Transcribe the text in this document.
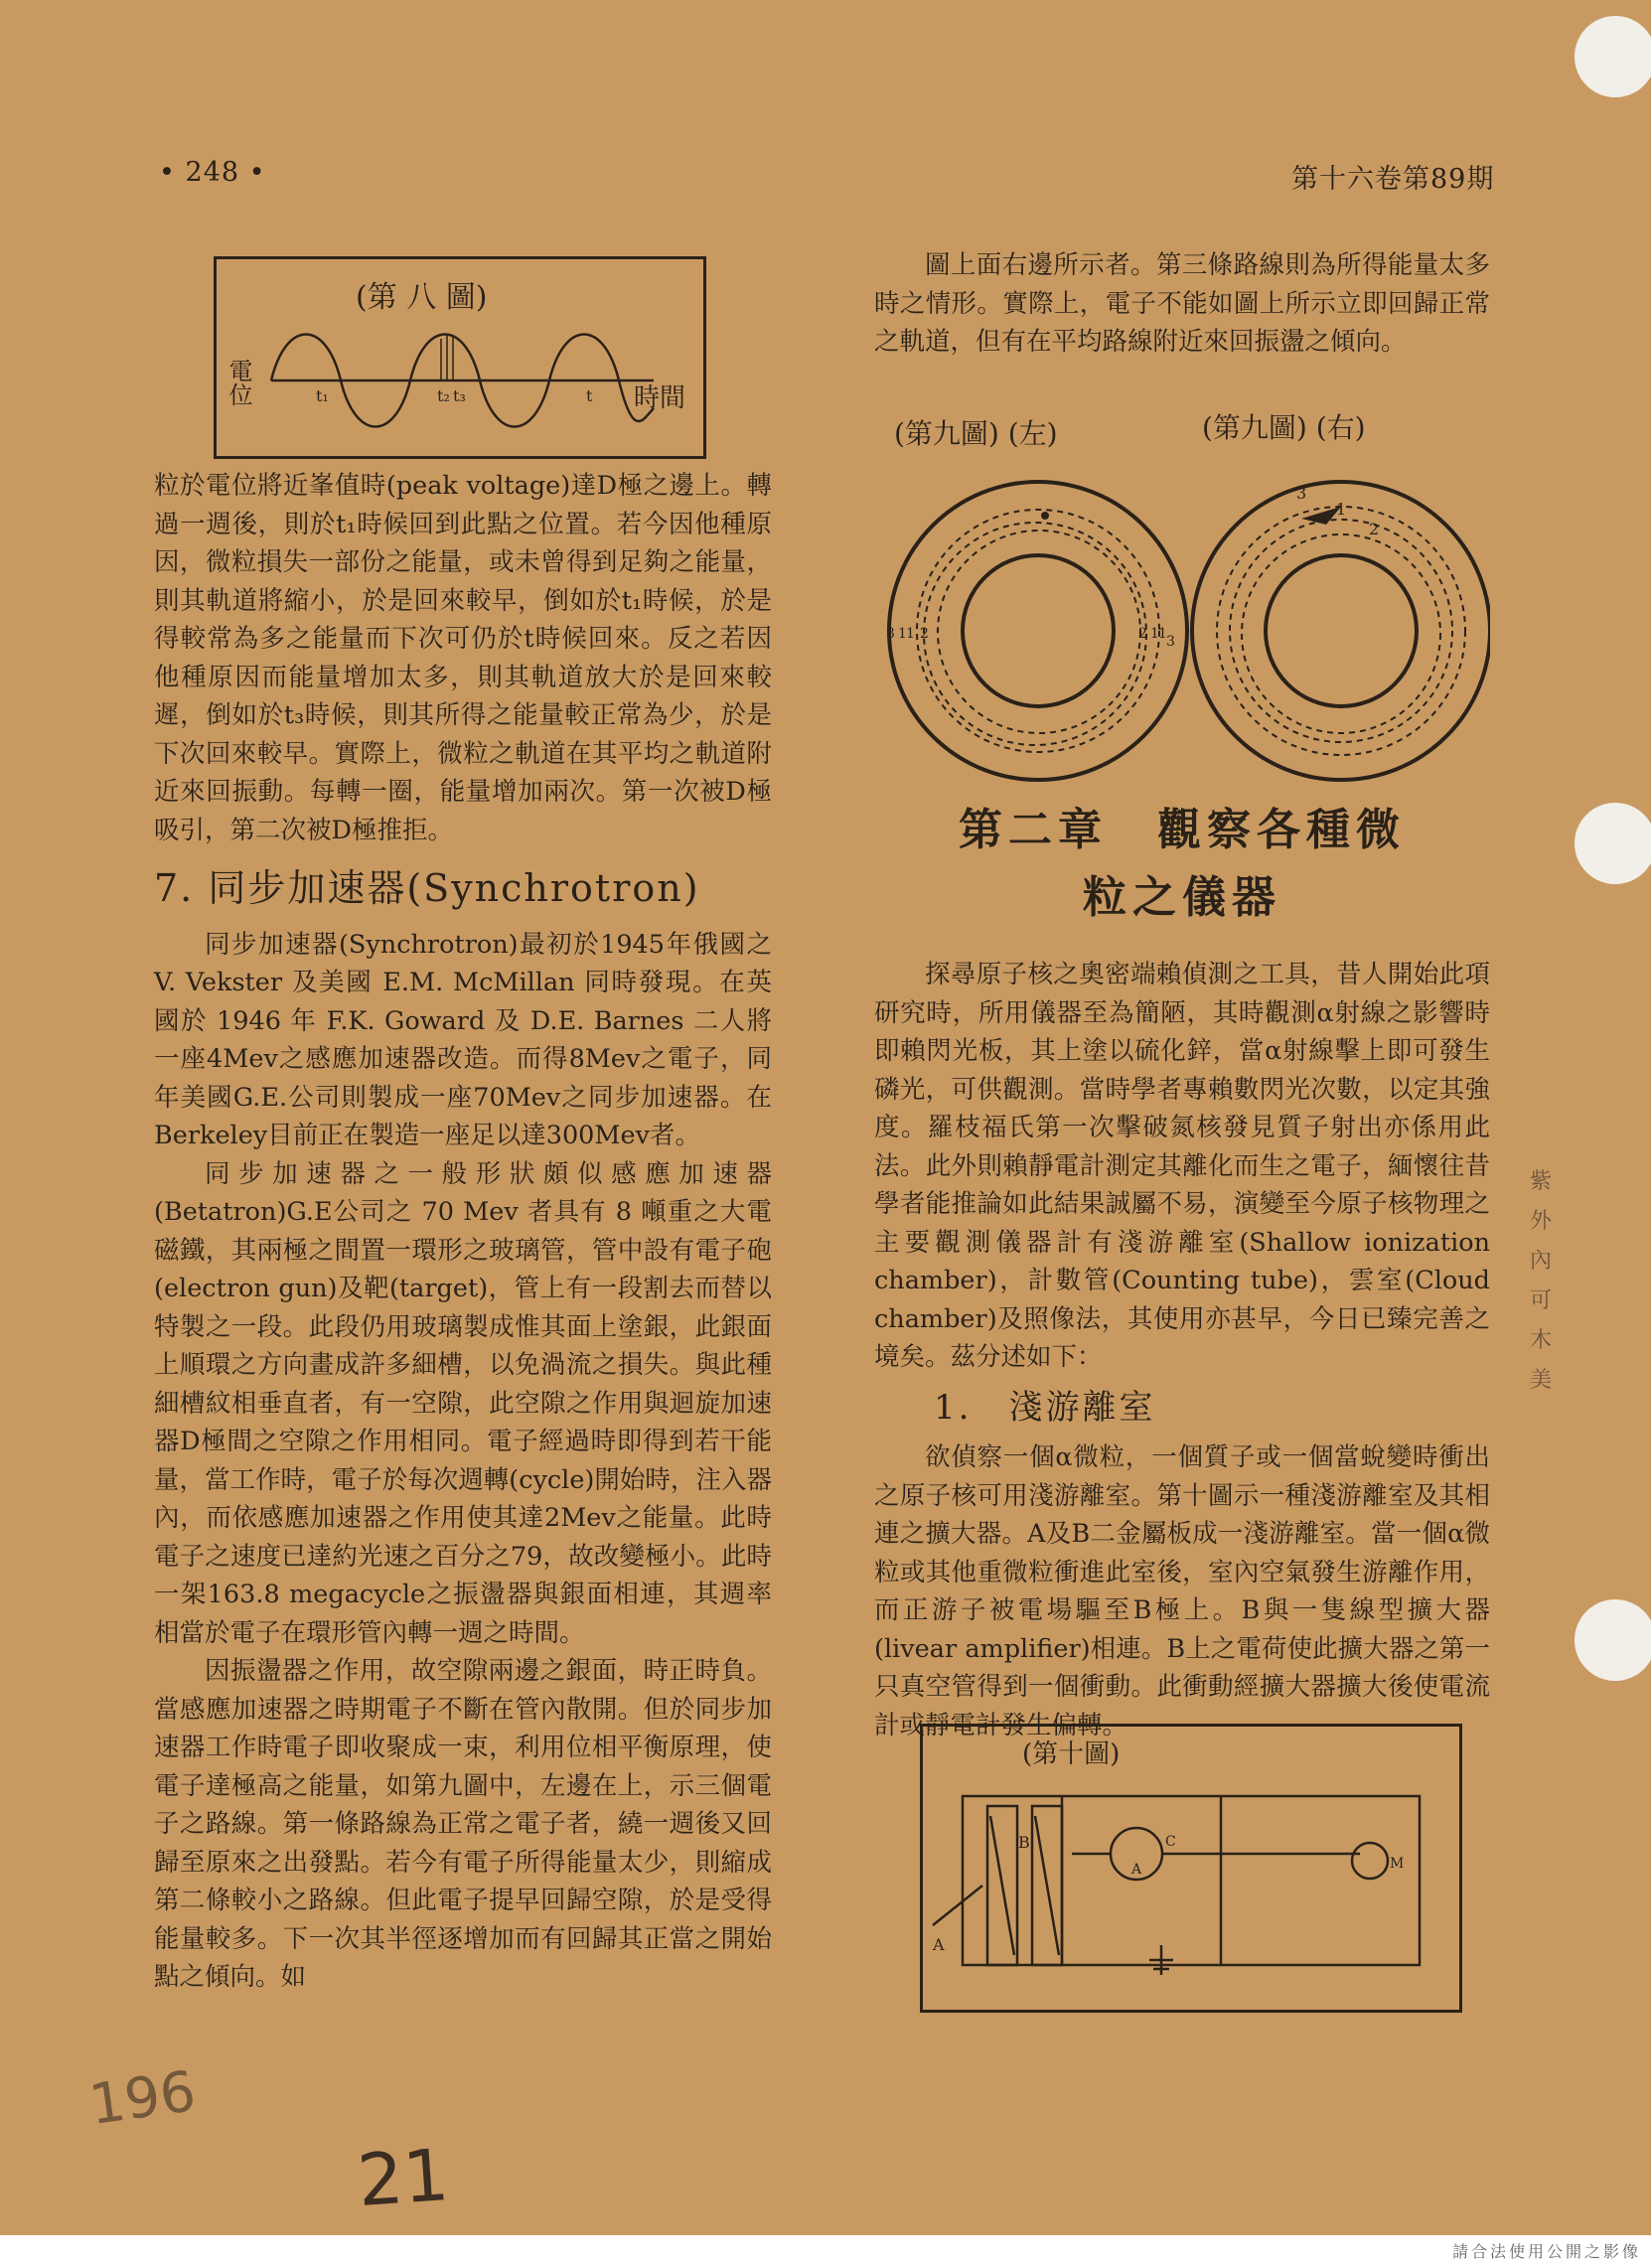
• 248 •	第十六卷第89期
(第 八 圖)
電位	t₁	t₂ t₃	t 時間

粒於電位將近峯值時(peak voltage)達D極之邊上。轉過一週後，則於t₁時候回到此點之位置。若今因他種原因，微粒損失一部份之能量，或未曾得到足夠之能量，則其軌道將縮小，於是回來較早，倒如於t₁時候，於是得較常為多之能量而下次可仍於t時候回來。反之若因他種原因而能量增加太多，則其軌道放大於是回來較遲，倒如於t₃時候，則其所得之能量較正常為少，於是下次回來較早。實際上，微粒之軌道在其平均之軌道附近來回振動。每轉一圈，能量增加兩次。第一次被D極吸引，第二次被D極推拒。

7. 同步加速器(Synchrotron)

同步加速器(Synchrotron)最初於1945年俄國之V. Vekster 及美國 E.M. McMillan 同時發現。在英國於 1946 年 F.K. Goward 及 D.E. Barnes 二人將一座4Mev之感應加速器改造。而得8Mev之電子，同年美國G.E.公司則製成一座70Mev之同步加速器。在Berkeley目前正在製造一座足以達300Mev者。

同步加速器之一般形狀頗似感應加速器(Betatron)G.E公司之 70 Mev 者具有 8 噸重之大電磁鐵，其兩極之間置一環形之玻璃管，管中設有電子砲(electron gun)及靶(target)，管上有一段割去而替以特製之一段。此段仍用玻璃製成惟其面上塗銀，此銀面上順環之方向畫成許多細槽，以免渦流之損失。與此種細槽紋相垂直者，有一空隙，此空隙之作用與迴旋加速器D極間之空隙之作用相同。電子經過時即得到若干能量，當工作時，電子於每次週轉(cycle)開始時，注入器內，而依感應加速器之作用使其達2Mev之能量。此時電子之速度已達約光速之百分之79，故改變極小。此時一架163.8 megacycle之振盪器與銀面相連，其週率相當於電子在環形管內轉一週之時間。

因振盪器之作用，故空隙兩邊之銀面，時正時負。當感應加速器之時期電子不斷在管內散開。但於同步加速器工作時電子即收聚成一束，利用位相平衡原理，使電子達極高之能量，如第九圖中，左邊在上，示三個電子之路線。第一條路線為正常之電子者，繞一週後又回歸至原來之出發點。若今有電子所得能量太少，則縮成第二條較小之路線。但此電子提早回歸空隙，於是受得能量較多。下一次其半徑逐增加而有回歸其正當之開始點之傾向。如

圖上面右邊所示者。第三條路線則為所得能量太多時之情形。實際上，電子不能如圖上所示立即回歸正常之軌道，但有在平均路線附近來回振盪之傾向。

(第九圖) (左)	(第九圖) (右)
3 1 1 2	2 1 1 3
3
1
2
第二章　觀察各種微
粒之儀器

探尋原子核之奧密端賴偵測之工具，昔人開始此項研究時，所用儀器至為簡陋，其時觀測α射線之影響時即賴閃光板，其上塗以硫化鋅，當α射線擊上即可發生磷光，可供觀測。當時學者專賴數閃光次數，以定其強度。羅枝福氏第一次擊破氮核發見質子射出亦係用此法。此外則賴靜電計測定其離化而生之電子，緬懷往昔學者能推論如此結果誠屬不易，演變至今原子核物理之主要觀測儀器計有淺游離室(Shallow ionization chamber)，計數管(Counting tube)，雲室(Cloud chamber)及照像法，其使用亦甚早，今日已臻完善之境矣。茲分述如下：

1.　淺游離室

欲偵察一個α微粒，一個質子或一個當蛻變時衝出之原子核可用淺游離室。第十圖示一種淺游離室及其相連之擴大器。A及B二金屬板成一淺游離室。當一個α微粒或其他重微粒衝進此室後，室內空氣發生游離作用，而正游子被電場驅至B極上。B與一隻線型擴大器(livear amplifier)相連。B上之電荷使此擴大器之第一只真空管得到一個衝動。此衝動經擴大器擴大後使電流計或靜電計發生偏轉。

(第十圖)
A
B	C
A	M
紫
外
內
可
木
美
196
21
請合法使用公開之影像
